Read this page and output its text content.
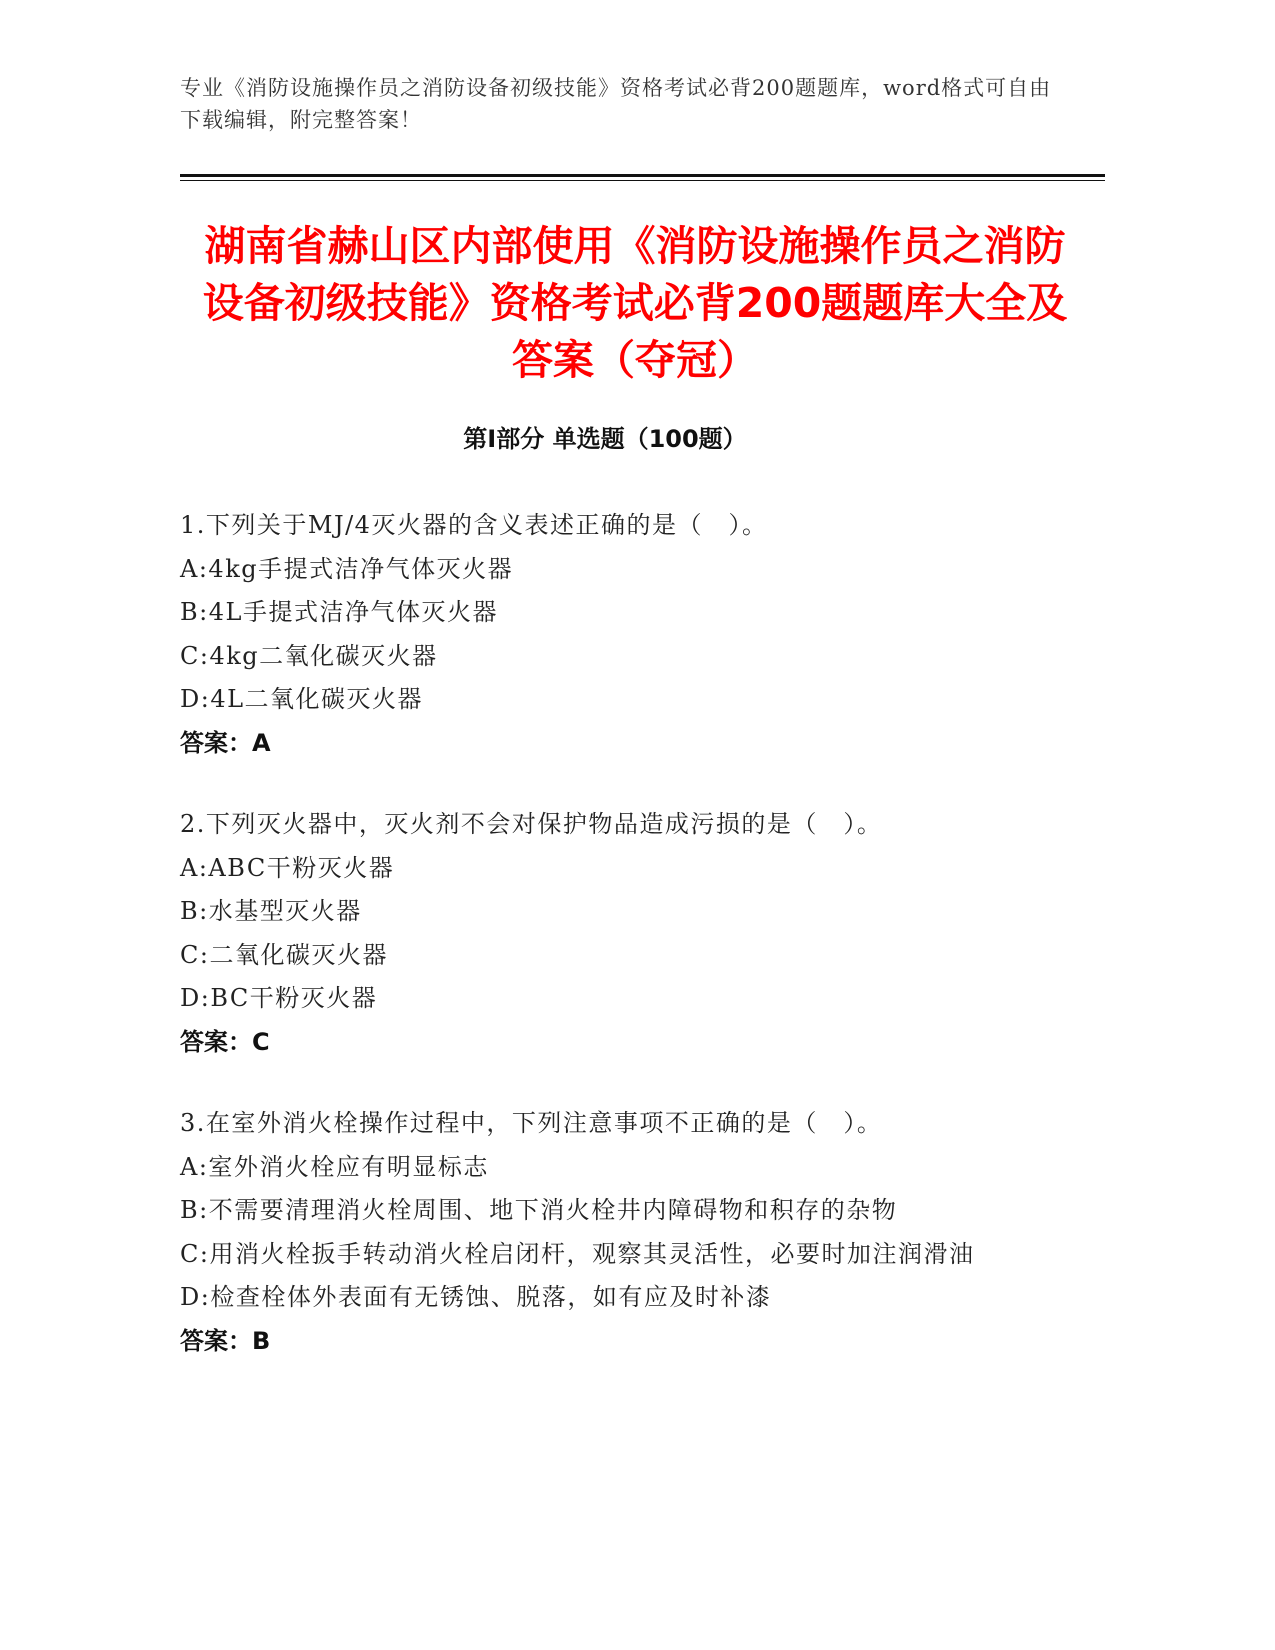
专业《消防设施操作员之消防设备初级技能》资格考试必背200题题库，word格式可自由下载编辑，附完整答案！
湖南省赫山区内部使用《消防设施操作员之消防设备初级技能》资格考试必背200题题库大全及答案（夺冠）
第Ⅰ部分 单选题（100题）
1.下列关于MJ/4灭火器的含义表述正确的是（　）。
A: 4kg手提式洁净气体灭火器
B: 4L手提式洁净气体灭火器
C: 4kg二氧化碳灭火器
D: 4L二氧化碳灭火器
答案：A
2.下列灭火器中，灭火剂不会对保护物品造成污损的是（　）。
A: ABC干粉灭火器
B: 水基型灭火器
C: 二氧化碳灭火器
D: BC干粉灭火器
答案：C
3.在室外消火栓操作过程中，下列注意事项不正确的是（　）。
A: 室外消火栓应有明显标志
B: 不需要清理消火栓周围、地下消火栓井内障碍物和积存的杂物
C: 用消火栓扳手转动消火栓启闭杆，观察其灵活性，必要时加注润滑油
D: 检查栓体外表面有无锈蚀、脱落，如有应及时补漆
答案：B
